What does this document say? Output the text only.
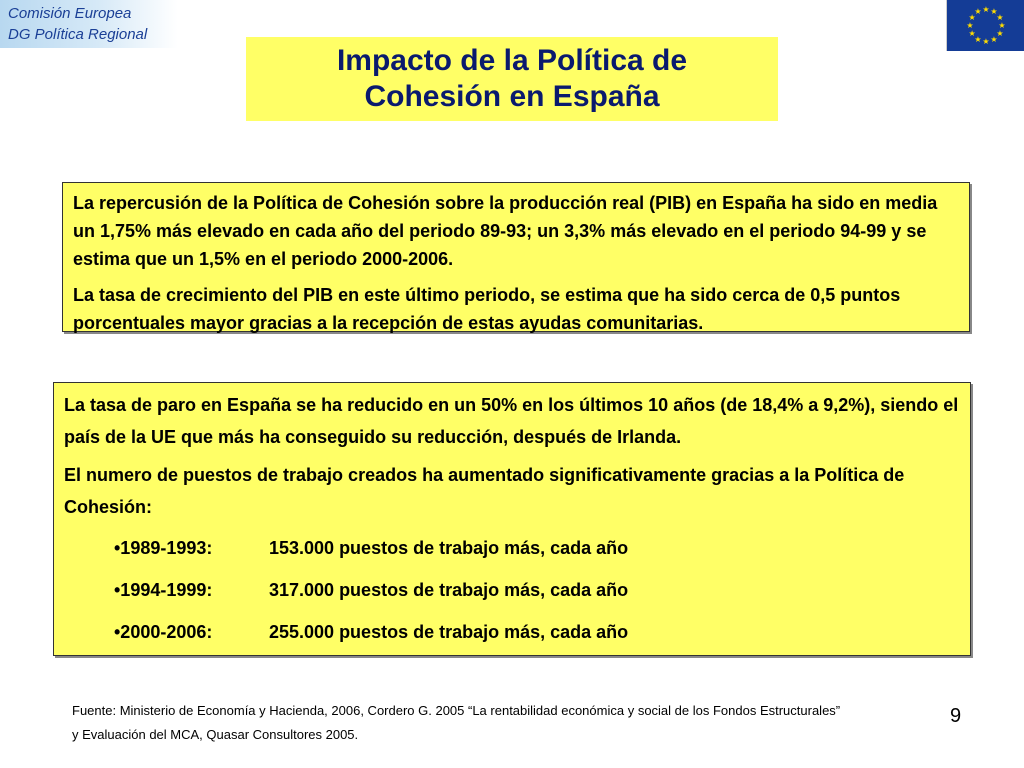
Comisión Europea
DG Política Regional
★ ★
★
★
★
★
★
★
★
★
★
★
Impacto de la Política de
Cohesión en España

La repercusión de la Política de Cohesión sobre la producción real (PIB) en España ha sido en media un 1,75% más elevado en cada año del periodo 89-93; un 3,3% más elevado en el periodo 94-99 y se estima que un 1,5% en el periodo 2000-2006.

La tasa de crecimiento del PIB en este último periodo, se estima que ha sido cerca de 0,5 puntos porcentuales mayor gracias a la recepción de estas ayudas comunitarias.

La tasa de paro en España se ha reducido en un 50% en los últimos 10 años (de 18,4% a 9,2%), siendo el país de la UE que más ha conseguido su reducción, después de Irlanda.

El numero de puestos de trabajo creados ha aumentado significativamente gracias a la Política de Cohesión:

•1989-1993:	153.000 puestos de trabajo más, cada año
•1994-1999:	317.000 puestos de trabajo más, cada año
•2000-2006:	255.000 puestos de trabajo más, cada año
Fuente: Ministerio de Economía y Hacienda, 2006, Cordero G. 2005 “La rentabilidad económica y social de los Fondos Estructurales”
y Evaluación del MCA, Quasar Consultores 2005.
9
